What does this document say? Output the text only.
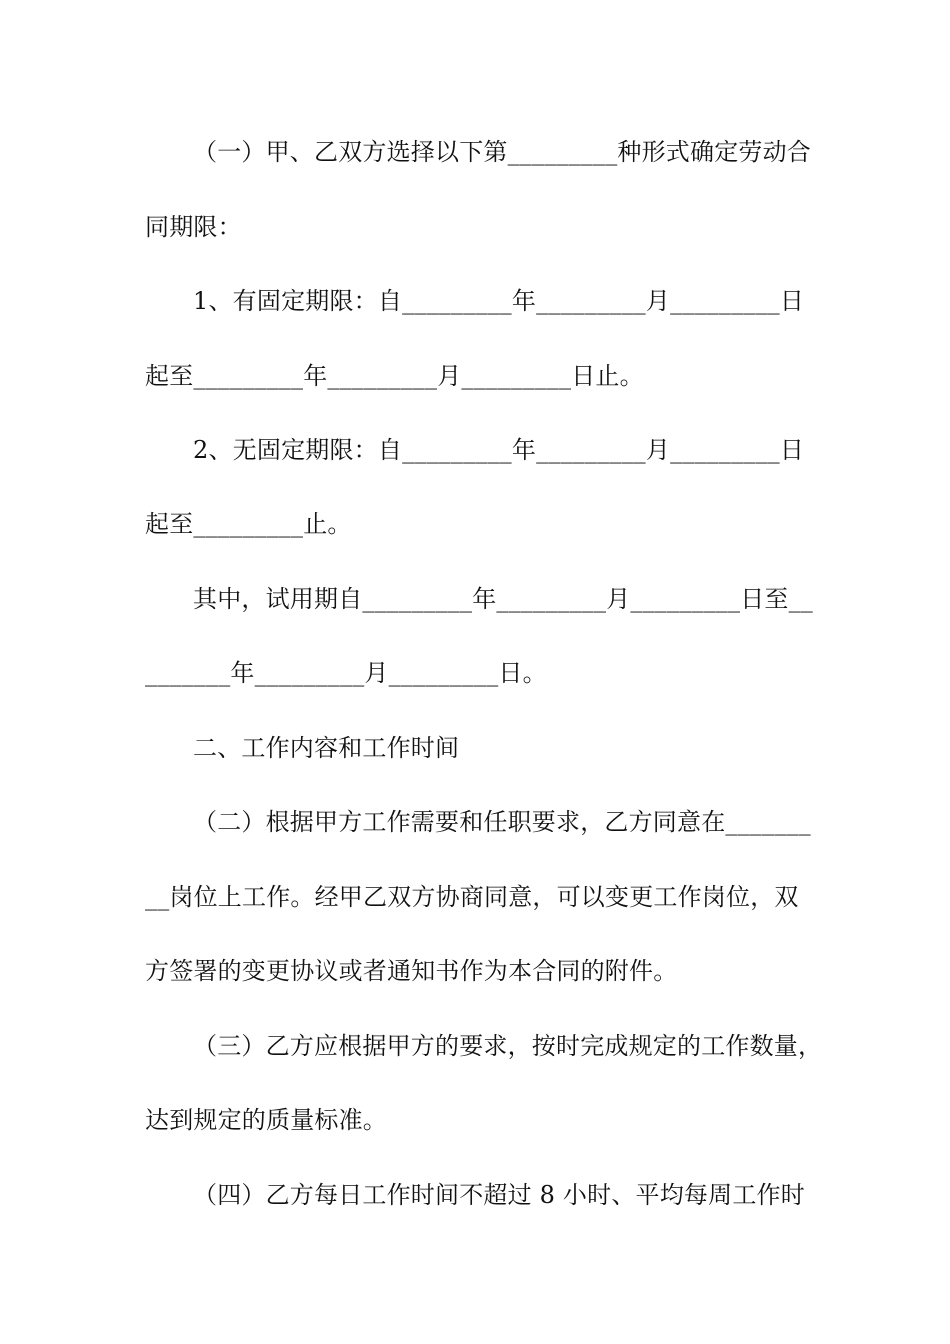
（一）甲、乙双方选择以下第_________种形式确定劳动合
同期限：
1、有固定期限：自_________年_________月_________日
起至_________年_________月_________日止。
2、无固定期限：自_________年_________月_________日
起至_________止。
其中，试用期自_________年_________月_________日至__
_______年_________月_________日。
二、工作内容和工作时间
（二）根据甲方工作需要和任职要求，乙方同意在_______
__岗位上工作。经甲乙双方协商同意，可以变更工作岗位，双
方签署的变更协议或者通知书作为本合同的附件。
（三）乙方应根据甲方的要求，按时完成规定的工作数量，
达到规定的质量标准。
（四）乙方每日工作时间不超过 8 小时、平均每周工作时
